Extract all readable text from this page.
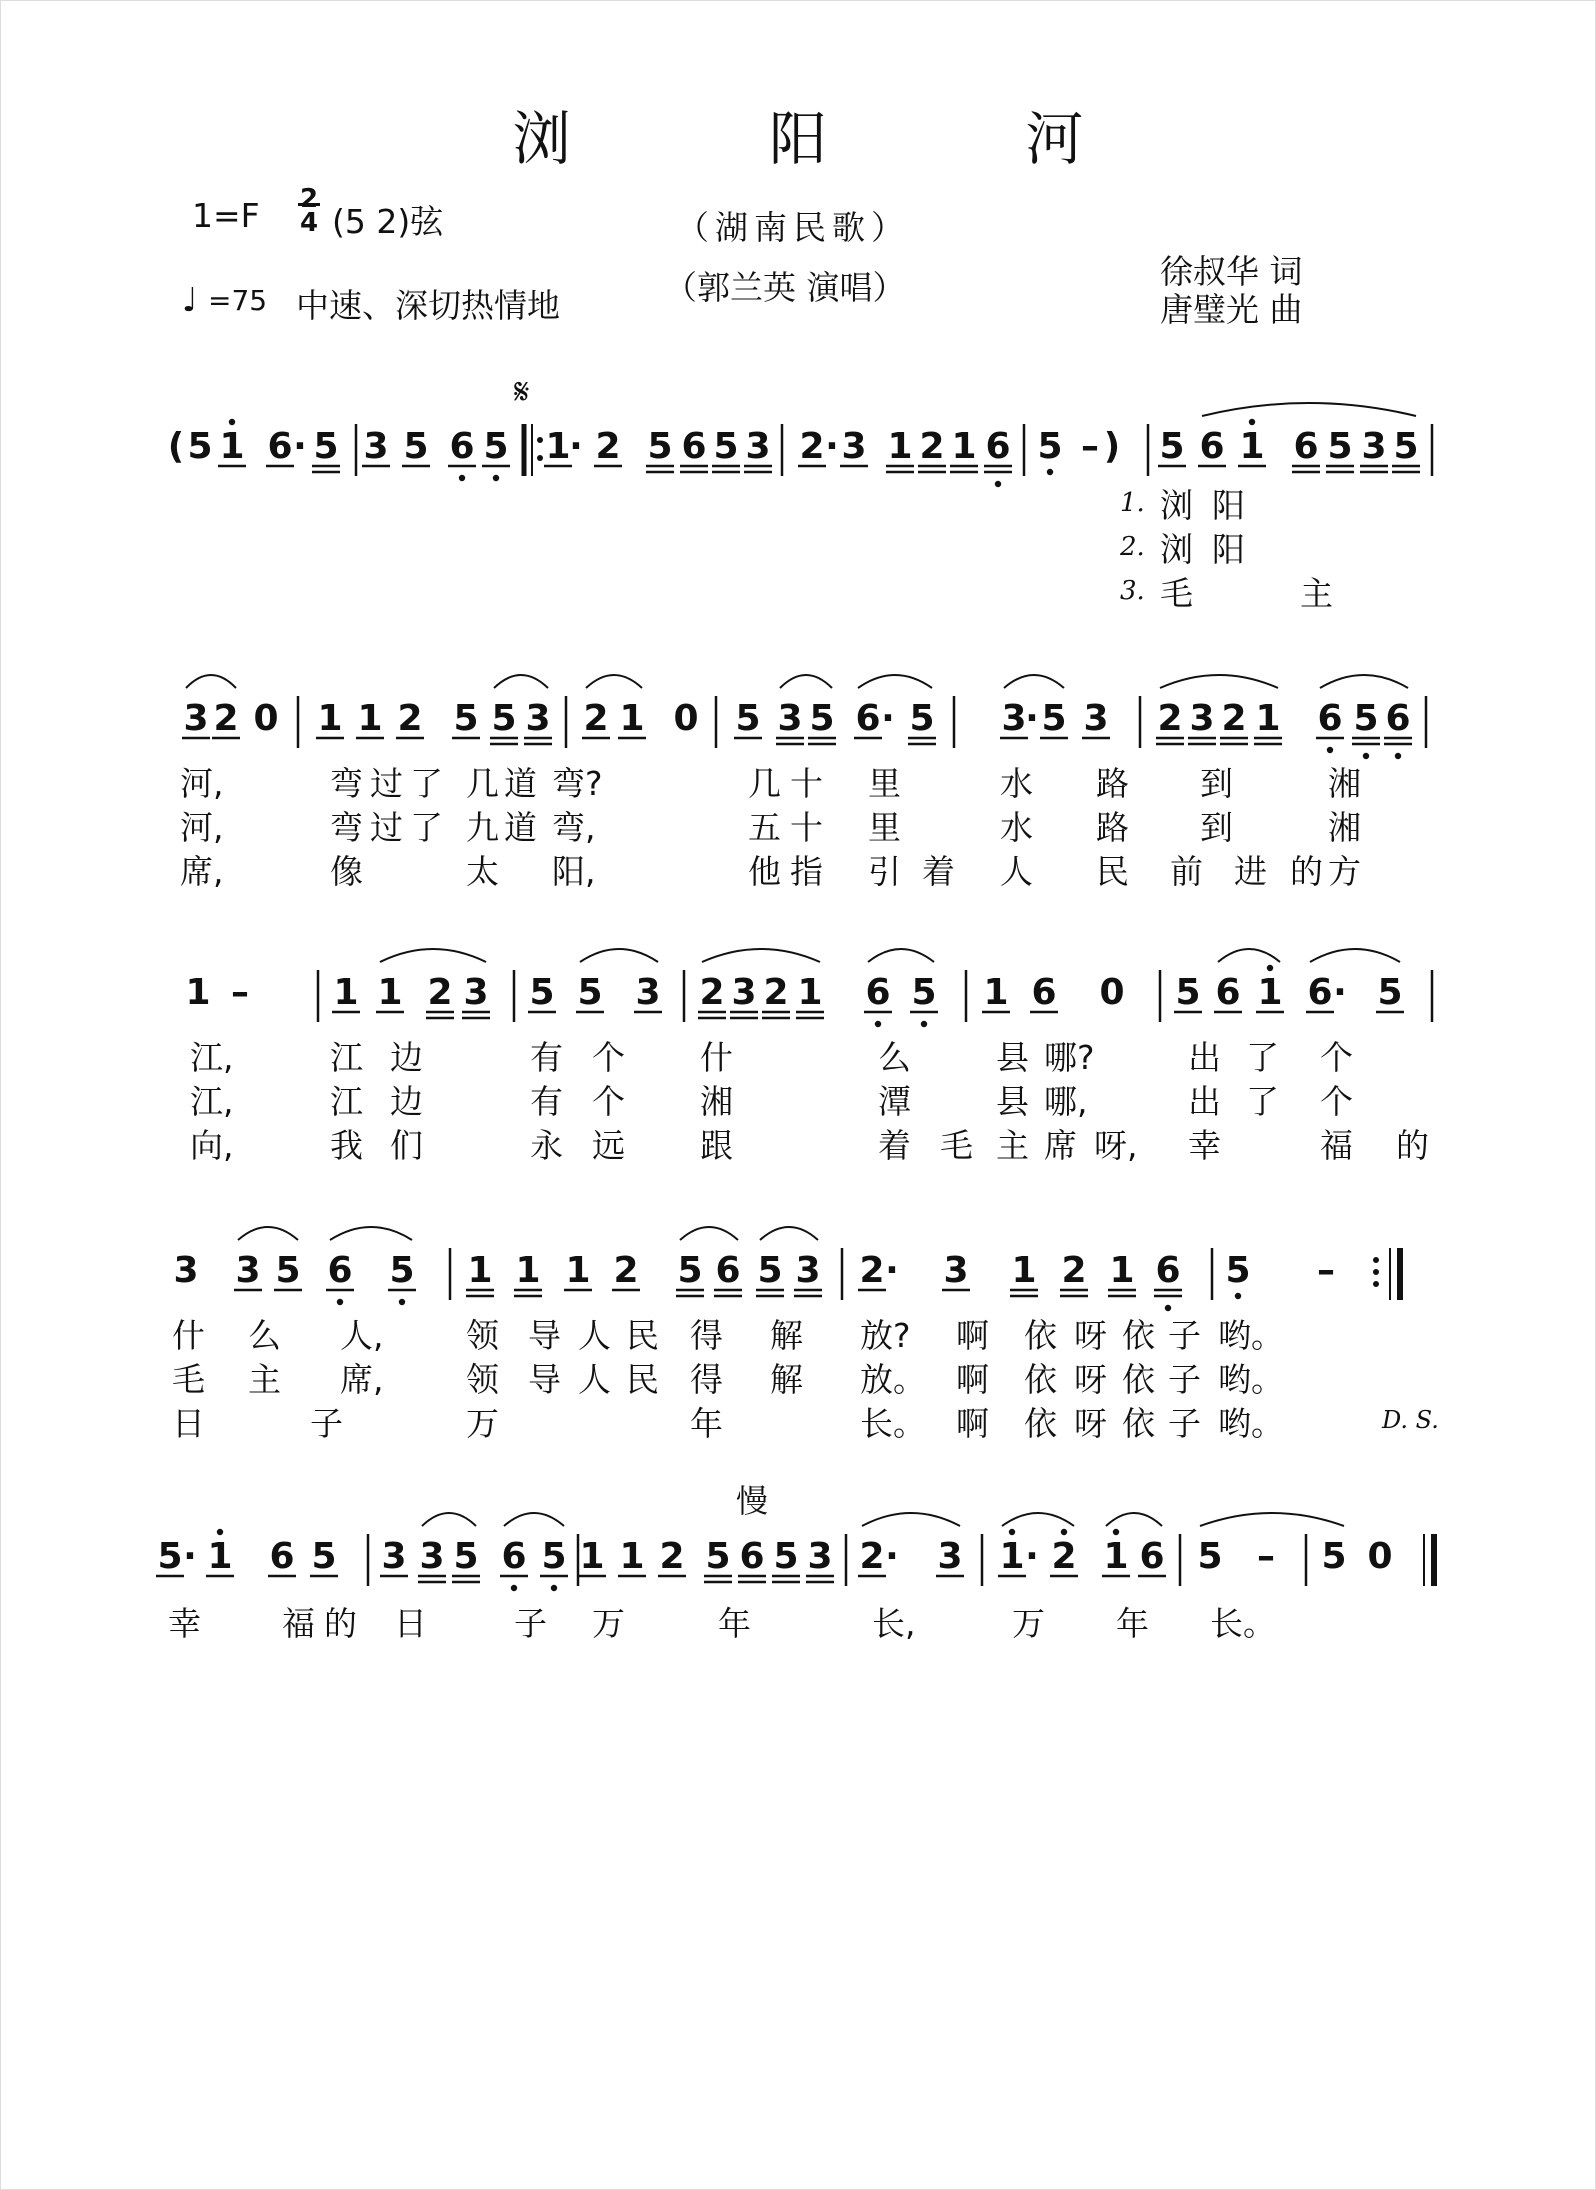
浏 阳 河
1=F 2
4 (5 2)弦
♩ =75 中速、深切热情地
（湖南民歌）
（郭兰英 演唱）	徐叔华 词
唐璧光 曲
𝄋
慢
D. S.
( 5 1 6 · 5 3 5 6 5 1
· 2 5 6 5 3 2 · 3 1 2 1 6 5 – ) 5 6 1 6 5 3 5
3 2 0 1 1 2 5 5 3 2 1 0 5 3 5 6 · 5 3
· 5 3 2 3 2 1 6 5 6
1 – 1 1 2 3 5 5 3 2 3 2 1 6 5 1 6 0 5 6 1 6 · 5
3 3 5 6 5 1 1 1 2 5 6 5 3 2 · 3 1 2 1 6 5 –
5 · 1 6 5 3 3 5 6 5 1 1 2 5 6 5 3 2 · 3 1 · 2 1 6 5 – 5 0
1. 浏 阳
2. 浏 阳
3. 毛	主
河,	弯 过 了 几 道 弯?	几 十 里	水 路 到	湘
河,	弯 过 了 九 道 弯,	五 十 里	水 路 到	湘
席,	像	太 阳,	他 指 引 着 人 民 前 进 的 方
江,	江 边	有 个 什	么	县 哪?	出 了 个
江,	江 边	有 个 湘	潭	县 哪,	出 了 个
向,	我 们	永 远 跟	着 毛 主 席 呀, 幸	福 的
什 么 人,	领 导 人 民 得 解 放? 啊 依 呀 依 子 哟。
毛 主 席,	领 导 人 民 得 解 放。 啊 依 呀 依 子 哟。
日	子	万	年	长。 啊 依 呀 依 子 哟。
幸 福 的 日	子 万	年	长,	万 年 长。
